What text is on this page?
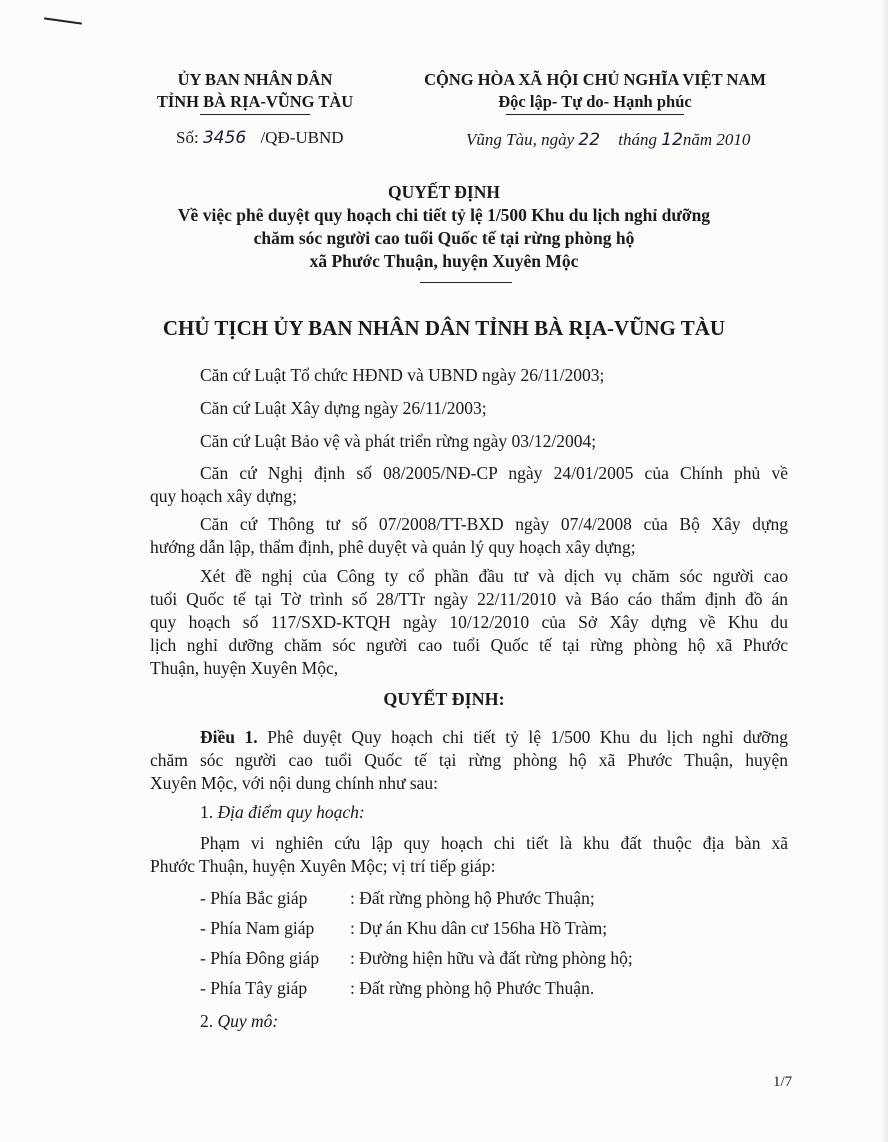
ỦY BAN NHÂN DÂN
TỈNH BÀ RỊA-VŨNG TÀU
Số: 3456 /QĐ-UBND
CỘNG HÒA XÃ HỘI CHỦ NGHĨA VIỆT NAM
Độc lập- Tự do- Hạnh phúc
Vũng Tàu, ngày 22 tháng 12năm 2010
QUYẾT ĐỊNH
Về việc phê duyệt quy hoạch chi tiết tỷ lệ 1/500 Khu du lịch nghỉ dưỡng
chăm sóc người cao tuổi Quốc tế tại rừng phòng hộ
xã Phước Thuận, huyện Xuyên Mộc
CHỦ TỊCH ỦY BAN NHÂN DÂN TỈNH BÀ RỊA-VŨNG TÀU
Căn cứ Luật Tổ chức HĐND và UBND ngày 26/11/2003;
Căn cứ Luật Xây dựng ngày 26/11/2003;
Căn cứ Luật Bảo vệ và phát triển rừng ngày 03/12/2004;
Căn cứ Nghị định số 08/2005/NĐ-CP ngày 24/01/2005 của Chính phủ về
quy hoạch xây dựng;
Căn cứ Thông tư số 07/2008/TT-BXD ngày 07/4/2008 của Bộ Xây dựng
hướng dẫn lập, thẩm định, phê duyệt và quản lý quy hoạch xây dựng;
Xét đề nghị của Công ty cổ phần đầu tư và dịch vụ chăm sóc người cao
tuổi Quốc tế tại Tờ trình số 28/TTr ngày 22/11/2010 và Báo cáo thẩm định đồ án
quy hoạch số 117/SXD-KTQH ngày 10/12/2010 của Sở Xây dựng về Khu du
lịch nghỉ dưỡng chăm sóc người cao tuổi Quốc tế tại rừng phòng hộ xã Phước
Thuận, huyện Xuyên Mộc,
QUYẾT ĐỊNH:
Điều 1. Phê duyệt Quy hoạch chi tiết tỷ lệ 1/500 Khu du lịch nghỉ dưỡng
chăm sóc người cao tuổi Quốc tế tại rừng phòng hộ xã Phước Thuận, huyện
Xuyên Mộc, với nội dung chính như sau:
1. Địa điểm quy hoạch:
Phạm vi nghiên cứu lập quy hoạch chi tiết là khu đất thuộc địa bàn xã
Phước Thuận, huyện Xuyên Mộc; vị trí tiếp giáp:
- Phía Bắc giáp : Đất rừng phòng hộ Phước Thuận;
- Phía Nam giáp : Dự án Khu dân cư 156ha Hồ Tràm;
- Phía Đông giáp : Đường hiện hữu và đất rừng phòng hộ;
- Phía Tây giáp : Đất rừng phòng hộ Phước Thuận.
2. Quy mô:
1/7
